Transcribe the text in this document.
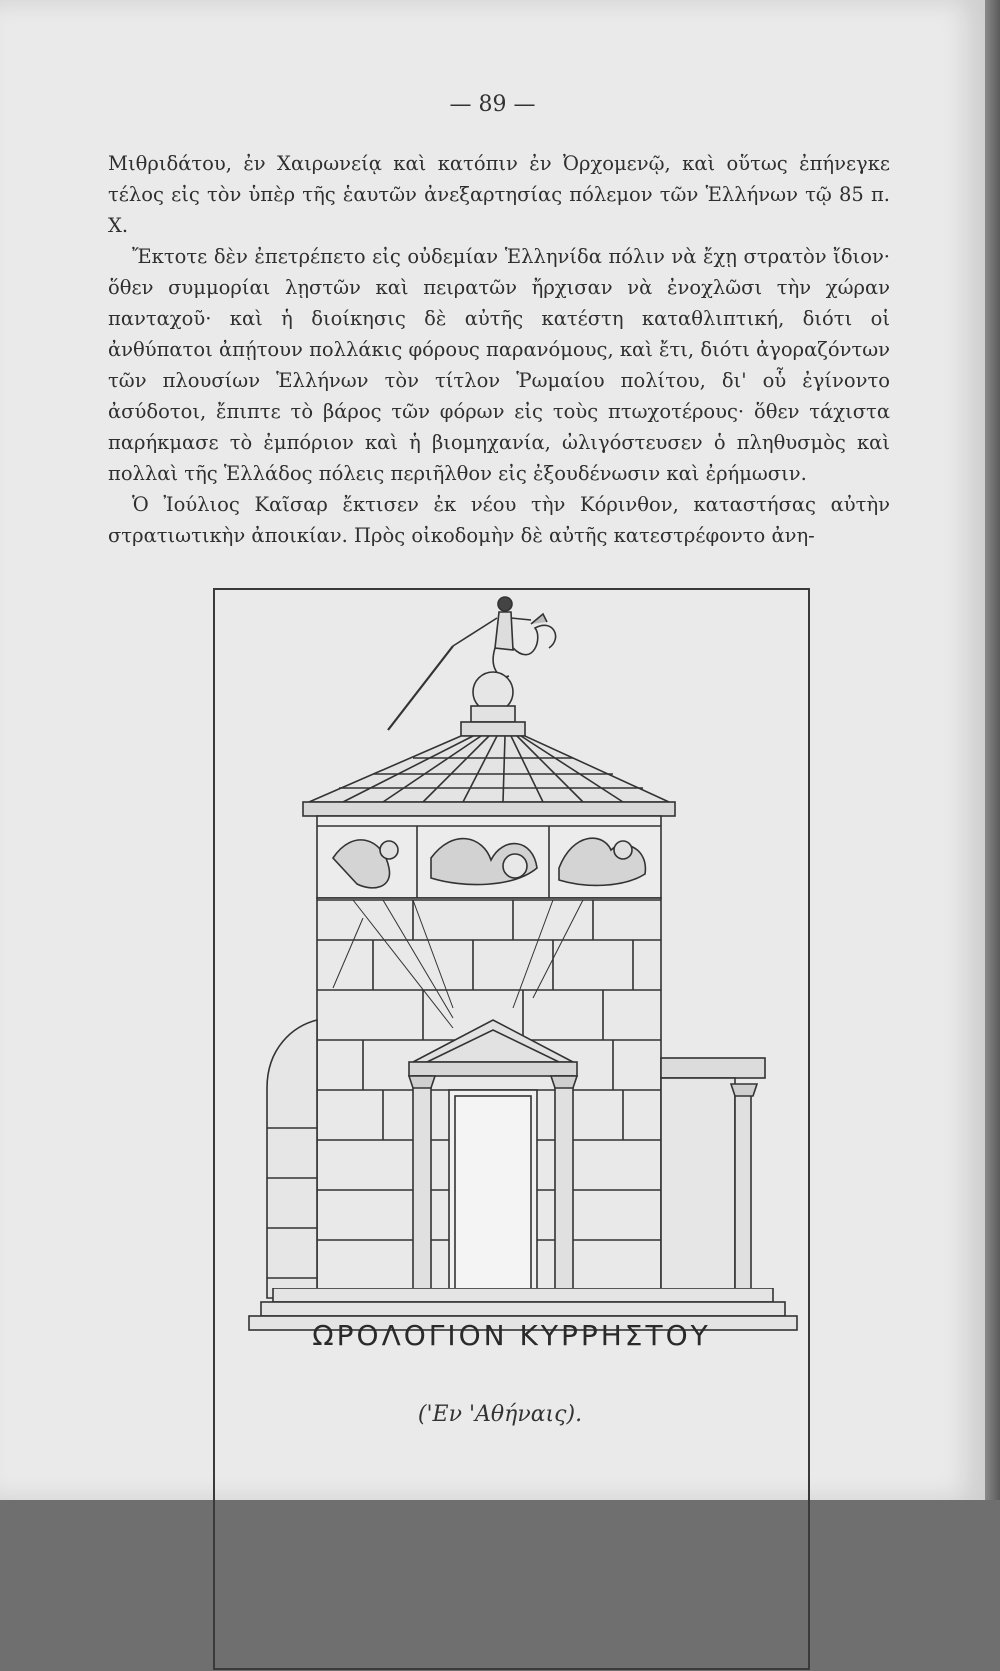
— 89 —

Μιθριδάτου, ἐν Χαιρωνείᾳ καὶ κατόπιν ἐν Ὀρχομενῷ, καὶ οὕτως ἐπήνεγκε τέλος εἰς τὸν ὑπὲρ τῆς ἑαυτῶν ἀνεξαρτησίας πόλεμον τῶν Ἑλλήνων τῷ 85 π. Χ.

Ἔκτοτε δὲν ἐπετρέπετο εἰς οὐδεμίαν Ἑλληνίδα πόλιν νὰ ἔχῃ στρατὸν ἴδιον· ὅθεν συμμορίαι λῃστῶν καὶ πειρατῶν ἤρχισαν νὰ ἐνοχλῶσι τὴν χώραν πανταχοῦ· καὶ ἡ διοίκησις δὲ αὐτῆς κατέστη καταθλιπτική, διότι οἱ ἀνθύπατοι ἀπῄτουν πολλάκις φόρους παρανόμους, καὶ ἔτι, διότι ἀγοραζόντων τῶν πλουσίων Ἑλλήνων τὸν τίτλον Ῥωμαίου πολίτου, δι' οὗ ἐγίνοντο ἀσύδοτοι, ἔπιπτε τὸ βάρος τῶν φόρων εἰς τοὺς πτωχοτέρους· ὅθεν τάχιστα παρήκμασε τὸ ἐμπόριον καὶ ἡ βιομηχανία, ὠλιγόστευσεν ὁ πληθυσμὸς καὶ πολλαὶ τῆς Ἑλλάδος πόλεις περιῆλθον εἰς ἐξουδένωσιν καὶ ἐρήμωσιν.

Ὁ Ἰούλιος Καῖσαρ ἔκτισεν ἐκ νέου τὴν Κόρινθον, καταστήσας αὐτὴν στρατιωτικὴν ἀποικίαν. Πρὸς οἰκοδομὴν δὲ αὐτῆς κατεστρέφοντο ἀνη-

ΩΡΟΛΟΓΙΟΝ ΚΥΡΡΗΣΤΟΥ
('Εν 'Αθήναις).
